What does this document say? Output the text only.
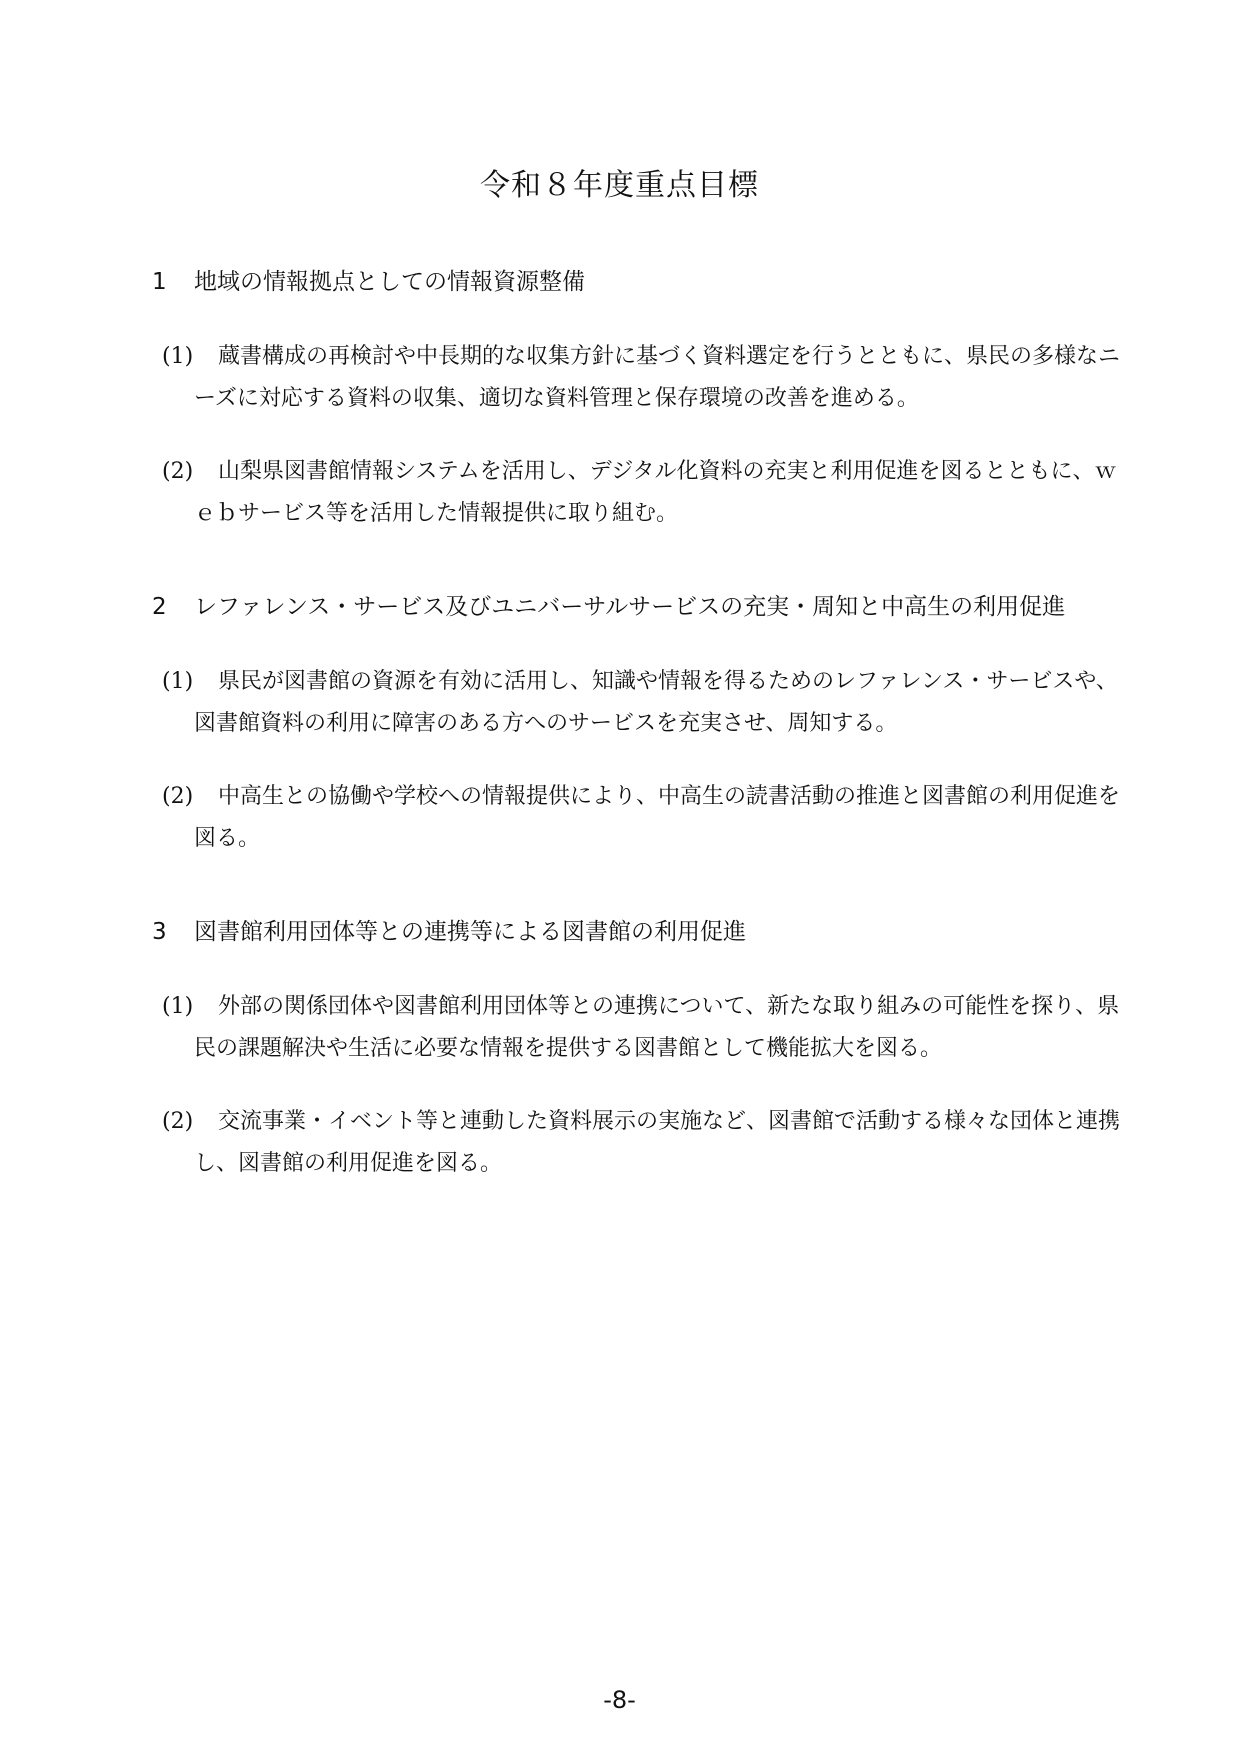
令和８年度重点目標

1 地域の情報拠点としての情報資源整備

(1)	蔵書構成の再検討や中長期的な収集方針に基づく資料選定を行うとともに、県民の多様なニーズに対応する資料の収集、適切な資料管理と保存環境の改善を進める。
(2)	山梨県図書館情報システムを活用し、デジタル化資料の充実と利用促進を図るとともに、ｗｅｂサービス等を活用した情報提供に取り組む。

2 レファレンス・サービス及びユニバーサルサービスの充実・周知と中高生の利用促進

(1)	県民が図書館の資源を有効に活用し、知識や情報を得るためのレファレンス・サービスや、図書館資料の利用に障害のある方へのサービスを充実させ、周知する。
(2)	中高生との協働や学校への情報提供により、中高生の読書活動の推進と図書館の利用促進を図る。

3 図書館利用団体等との連携等による図書館の利用促進

(1)	外部の関係団体や図書館利用団体等との連携について、新たな取り組みの可能性を探り、県民の課題解決や生活に必要な情報を提供する図書館として機能拡大を図る。
(2)	交流事業・イベント等と連動した資料展示の実施など、図書館で活動する様々な団体と連携し、図書館の利用促進を図る。
-8-
